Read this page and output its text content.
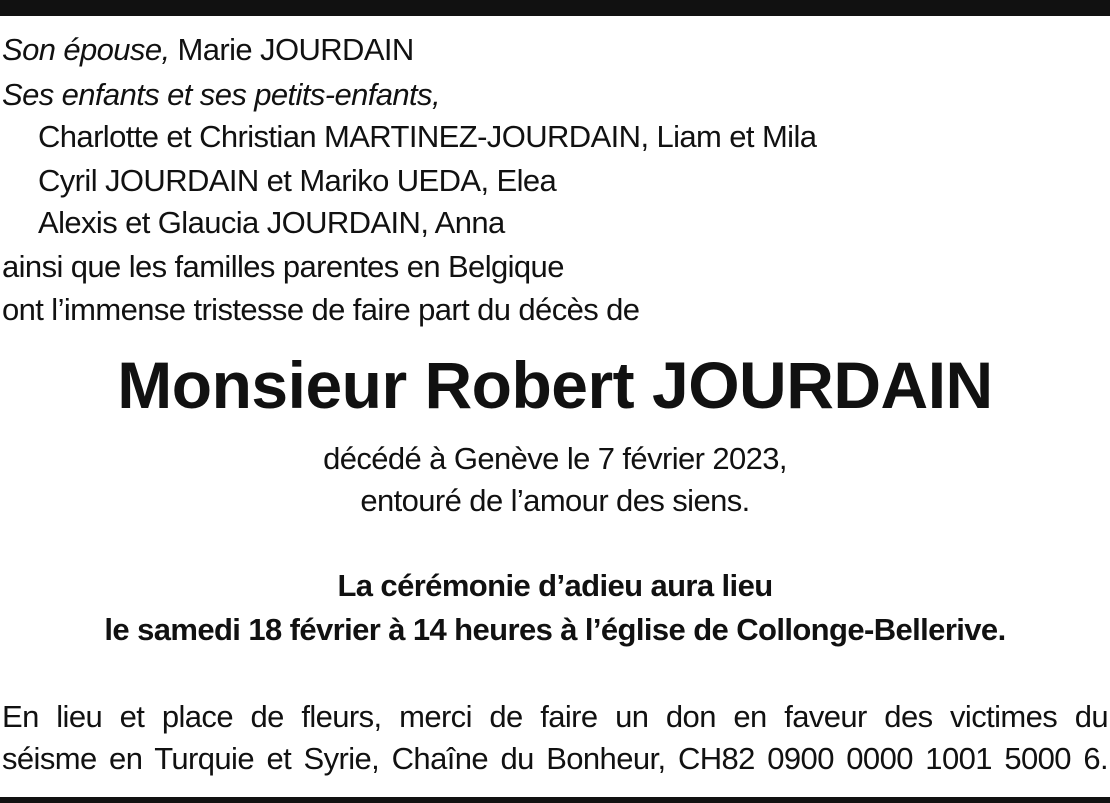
Son épouse, Marie JOURDAIN
Ses enfants et ses petits-enfants,
Charlotte et Christian MARTINEZ-JOURDAIN, Liam et Mila
Cyril JOURDAIN et Mariko UEDA, Elea
Alexis et Glaucia JOURDAIN, Anna
ainsi que les familles parentes en Belgique
ont l’immense tristesse de faire part du décès de
Monsieur Robert JOURDAIN
décédé à Genève le 7 février 2023,
entouré de l’amour des siens.
La cérémonie d’adieu aura lieu
le samedi 18 février à 14 heures à l’église de Collonge-Bellerive.
En lieu et place de fleurs, merci de faire un don en faveur des victimes du
séisme en Turquie et Syrie, Chaîne du Bonheur, CH82 0900 0000 1001 5000 6.
